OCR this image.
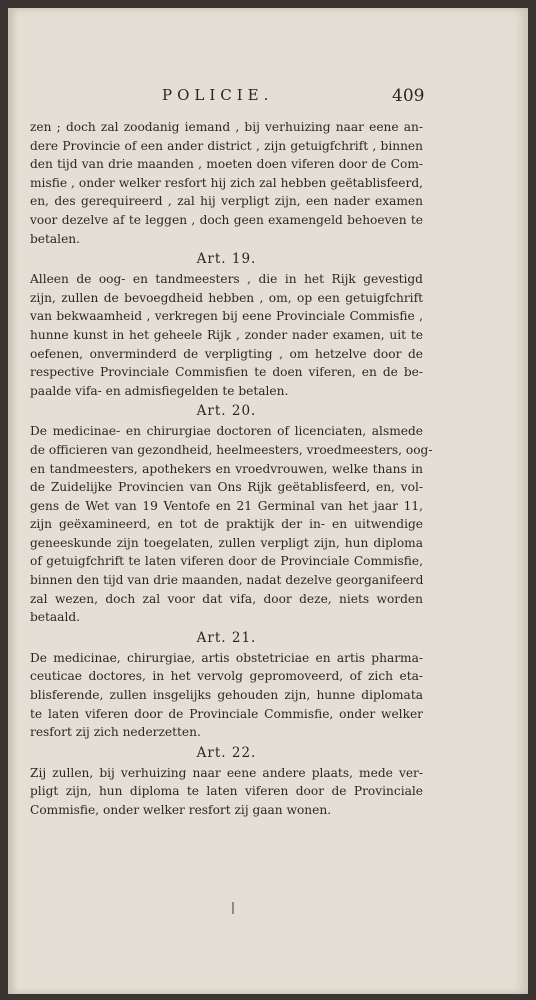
POLICIE.	409
zen ; doch zal zoodanig iemand , bij verhuizing naar eene an-
dere Provincie of een ander district , zijn getuigfchrift , binnen
den tijd van drie maanden , moeten doen viferen door de Com-
misfie , onder welker resfort hij zich zal hebben geëtablisfeerd,
en, des gerequireerd , zal hij verpligt zijn, een nader examen
voor dezelve af te leggen , doch geen examengeld behoeven te
betalen.
Art. 19.
Alleen de oog- en tandmeesters , die in het Rijk gevestigd
zijn, zullen de bevoegdheid hebben , om, op een getuigfchrift
van bekwaamheid , verkregen bij eene Provinciale Commisfie ,
hunne kunst in het geheele Rijk , zonder nader examen, uit te
oefenen, onverminderd de verpligting , om hetzelve door de
respective Provinciale Commisfien te doen viferen, en de be-
paalde vifa- en admisfiegelden te betalen.
Art. 20.
De medicinae- en chirurgiae doctoren of licenciaten, alsmede
de officieren van gezondheid, heelmeesters, vroedmeesters, oog-
en tandmeesters, apothekers en vroedvrouwen, welke thans in
de Zuidelijke Provincien van Ons Rijk geëtablisfeerd, en, vol-
gens de Wet van 19 Ventofe en 21 Germinal van het jaar 11,
zijn geëxamineerd, en tot de praktijk der in- en uitwendige
geneeskunde zijn toegelaten, zullen verpligt zijn, hun diploma
of getuigfchrift te laten viferen door de Provinciale Commisfie,
binnen den tijd van drie maanden, nadat dezelve georganifeerd
zal wezen, doch zal voor dat vifa, door deze, niets worden
betaald.
Art. 21.
De medicinae, chirurgiae, artis obstetriciae en artis pharma-
ceuticae doctores, in het vervolg gepromoveerd, of zich eta-
blisferende, zullen insgelijks gehouden zijn, hunne diplomata
te laten viferen door de Provinciale Commisfie, onder welker
resfort zij zich nederzetten.
Art. 22.
Zij zullen, bij verhuizing naar eene andere plaats, mede ver-
pligt zijn, hun diploma te laten viferen door de Provinciale
Commisfie, onder welker resfort zij gaan wonen.
